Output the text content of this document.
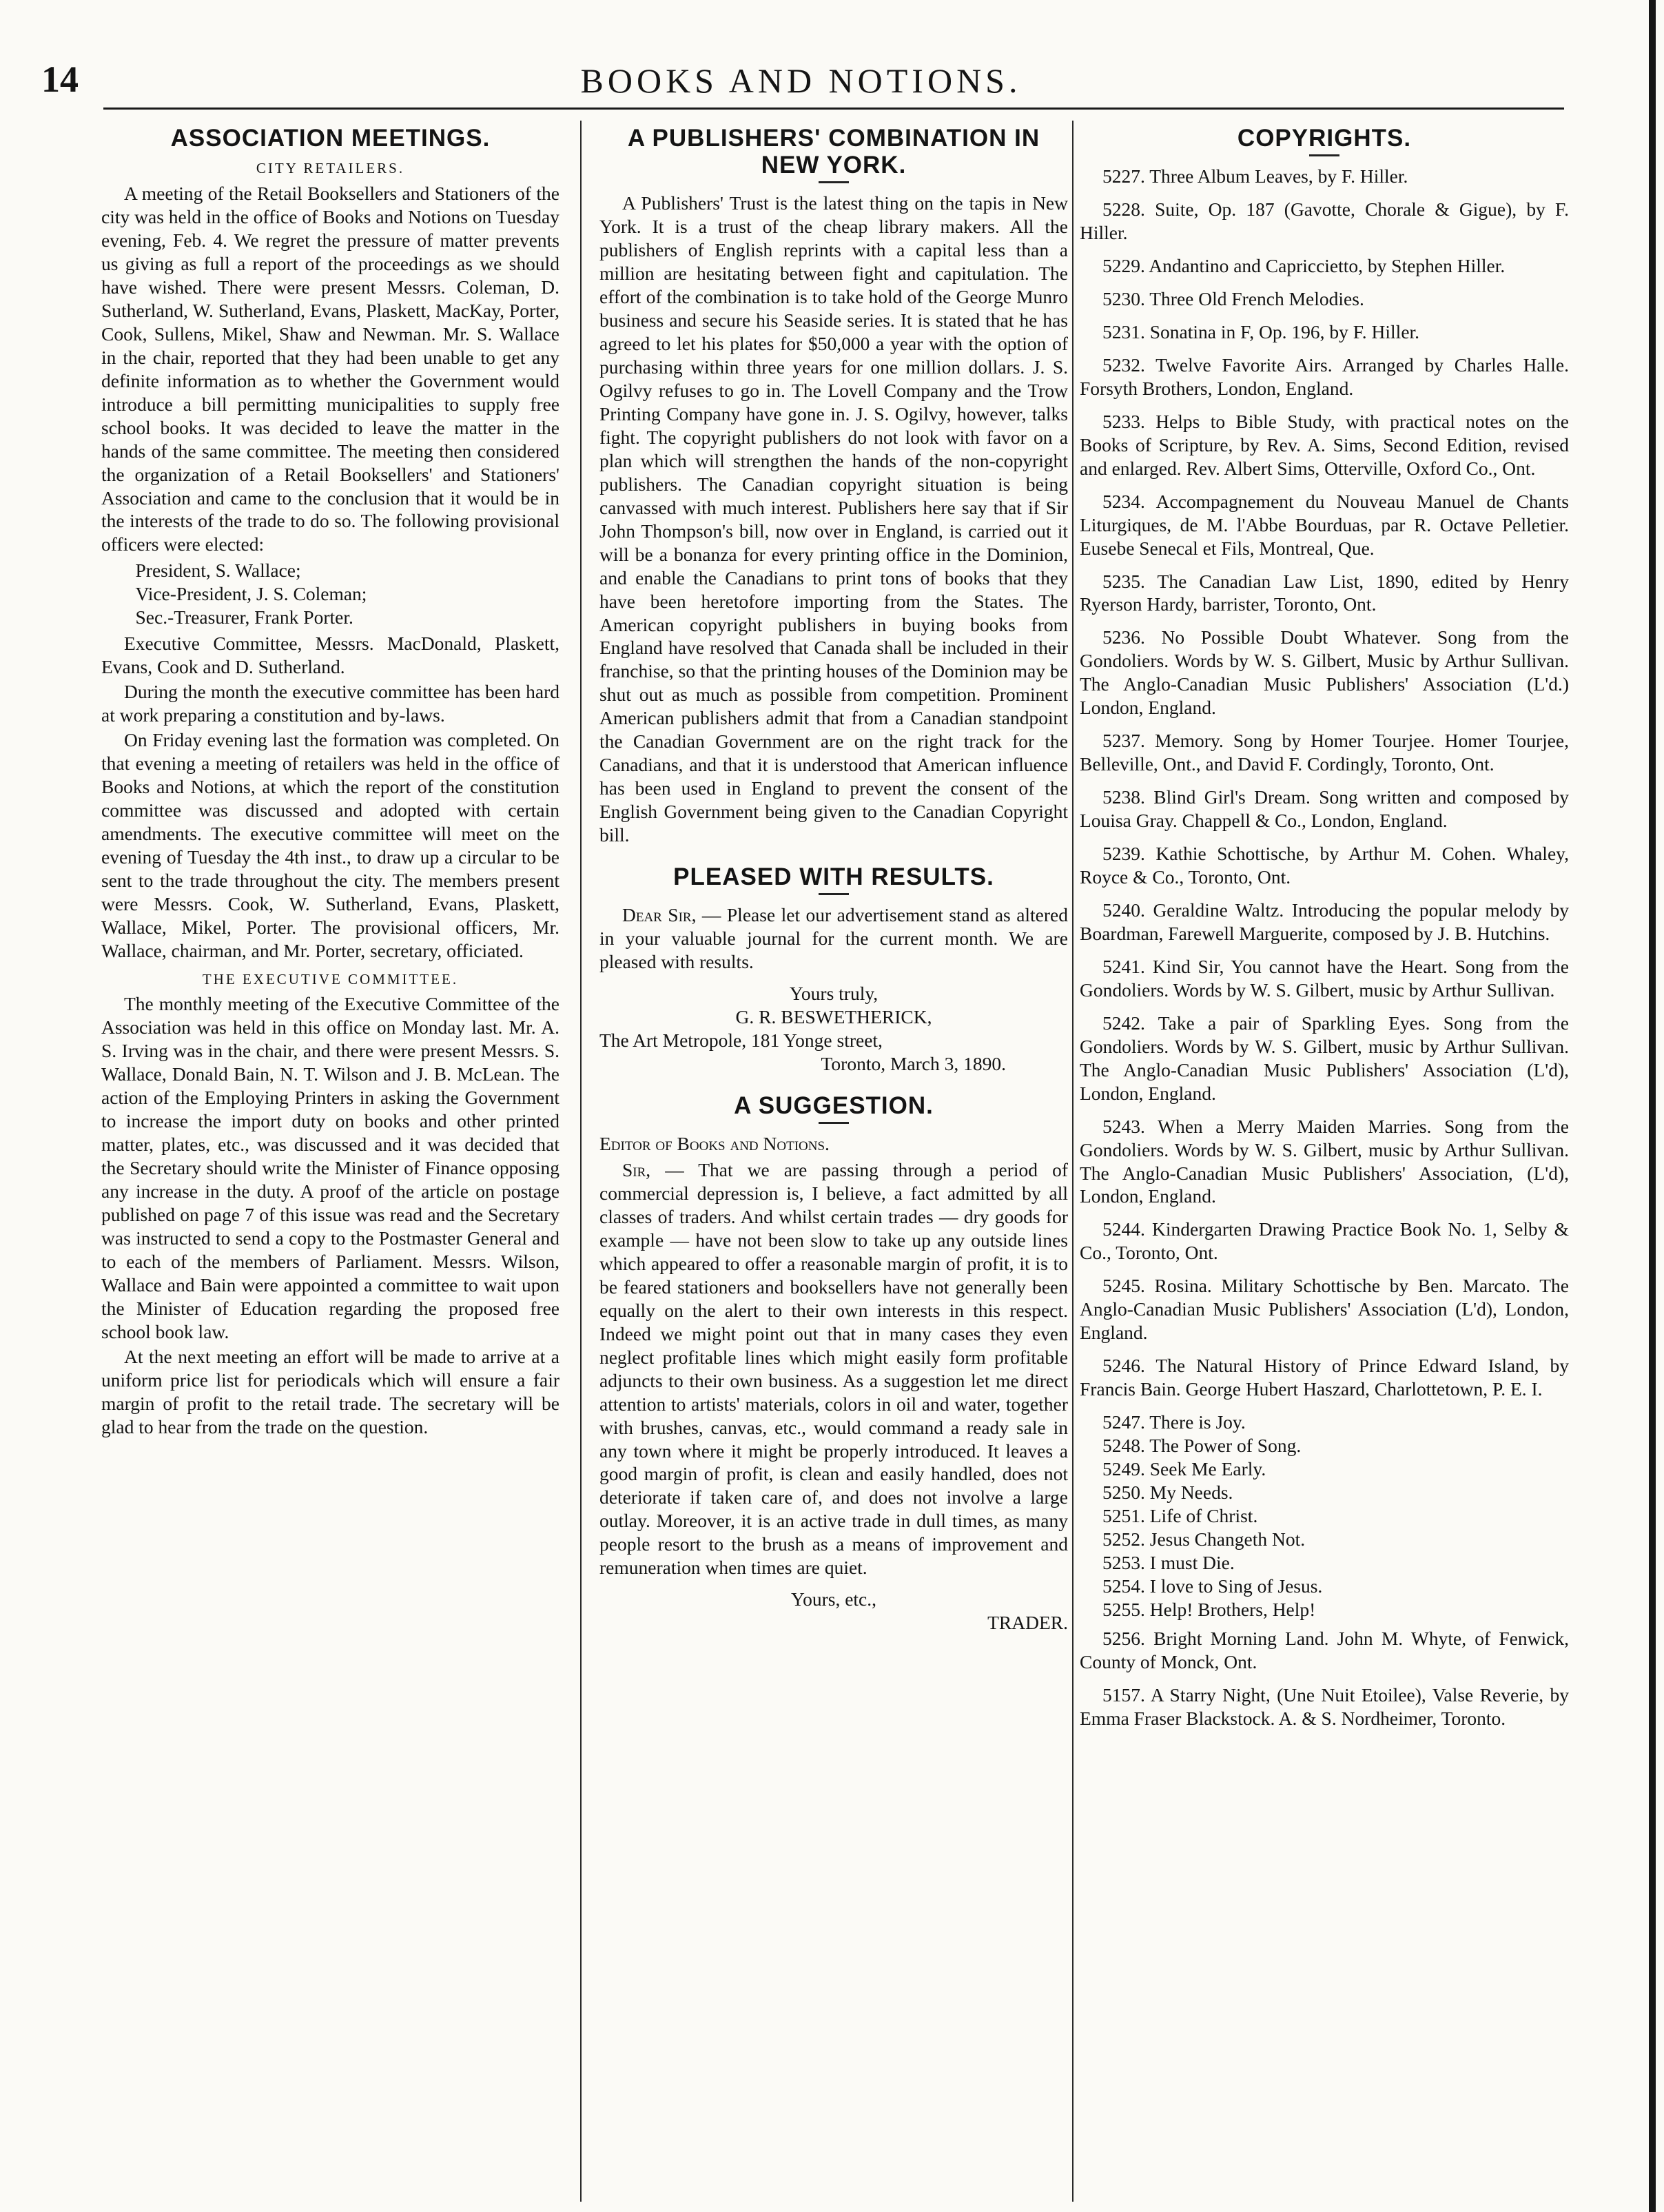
14	BOOKS AND NOTIONS.
ASSOCIATION MEETINGS.
CITY RETAILERS.

A meeting of the Retail Booksellers and Stationers of the city was held in the office of Books and Notions on Tuesday evening, Feb. 4. We regret the pressure of matter prevents us giving as full a report of the proceedings as we should have wished. There were present Messrs. Coleman, D. Sutherland, W. Sutherland, Evans, Plaskett, MacKay, Porter, Cook, Sullens, Mikel, Shaw and Newman. Mr. S. Wallace in the chair, reported that they had been unable to get any definite information as to whether the Government would introduce a bill permitting municipalities to supply free school books. It was decided to leave the matter in the hands of the same committee. The meeting then considered the organization of a Retail Booksellers' and Stationers' Association and came to the conclusion that it would be in the interests of the trade to do so. The following provisional officers were elected:

President, S. Wallace;
Vice-President, J. S. Coleman;
Sec.-Treasurer, Frank Porter.

Executive Committee, Messrs. MacDonald, Plaskett, Evans, Cook and D. Sutherland.

During the month the executive committee has been hard at work preparing a constitution and by-laws.

On Friday evening last the formation was completed. On that evening a meeting of retailers was held in the office of Books and Notions, at which the report of the constitution committee was discussed and adopted with certain amendments. The executive committee will meet on the evening of Tuesday the 4th inst., to draw up a circular to be sent to the trade throughout the city. The members present were Messrs. Cook, W. Sutherland, Evans, Plaskett, Wallace, Mikel, Porter. The provisional officers, Mr. Wallace, chairman, and Mr. Porter, secretary, officiated.

THE EXECUTIVE COMMITTEE.

The monthly meeting of the Executive Committee of the Association was held in this office on Monday last. Mr. A. S. Irving was in the chair, and there were present Messrs. S. Wallace, Donald Bain, N. T. Wilson and J. B. McLean. The action of the Employing Printers in asking the Government to increase the import duty on books and other printed matter, plates, etc., was discussed and it was decided that the Secretary should write the Minister of Finance opposing any increase in the duty. A proof of the article on postage published on page 7 of this issue was read and the Secretary was instructed to send a copy to the Postmaster General and to each of the members of Parliament. Messrs. Wilson, Wallace and Bain were appointed a committee to wait upon the Minister of Education regarding the proposed free school book law.

At the next meeting an effort will be made to arrive at a uniform price list for periodicals which will ensure a fair margin of profit to the retail trade. The secretary will be glad to hear from the trade on the question.

A PUBLISHERS' COMBINATION IN NEW YORK.

A Publishers' Trust is the latest thing on the tapis in New York. It is a trust of the cheap library makers. All the publishers of English reprints with a capital less than a million are hesitating between fight and capitulation. The effort of the combination is to take hold of the George Munro business and secure his Seaside series. It is stated that he has agreed to let his plates for $50,000 a year with the option of purchasing within three years for one million dollars. J. S. Ogilvy refuses to go in. The Lovell Company and the Trow Printing Company have gone in. J. S. Ogilvy, however, talks fight. The copyright publishers do not look with favor on a plan which will strengthen the hands of the non-copyright publishers. The Canadian copyright situation is being canvassed with much interest. Publishers here say that if Sir John Thompson's bill, now over in England, is carried out it will be a bonanza for every printing office in the Dominion, and enable the Canadians to print tons of books that they have been heretofore importing from the States. The American copyright publishers in buying books from England have resolved that Canada shall be included in their franchise, so that the printing houses of the Dominion may be shut out as much as possible from competition. Prominent American publishers admit that from a Canadian standpoint the Canadian Government are on the right track for the Canadians, and that it is understood that American influence has been used in England to prevent the consent of the English Government being given to the Canadian Copyright bill.

PLEASED WITH RESULTS.

Dear Sir, — Please let our advertisement stand as altered in your valuable journal for the current month. We are pleased with results.

Yours truly,
G. R. BESWETHERICK,
The Art Metropole, 181 Yonge street,
Toronto, March 3, 1890.
A SUGGESTION.
Editor of Books and Notions.

Sir, — That we are passing through a period of commercial depression is, I believe, a fact admitted by all classes of traders. And whilst certain trades — dry goods for example — have not been slow to take up any outside lines which appeared to offer a reasonable margin of profit, it is to be feared stationers and booksellers have not generally been equally on the alert to their own interests in this respect. Indeed we might point out that in many cases they even neglect profitable lines which might easily form profitable adjuncts to their own business. As a suggestion let me direct attention to artists' materials, colors in oil and water, together with brushes, canvas, etc., would command a ready sale in any town where it might be properly introduced. It leaves a good margin of profit, is clean and easily handled, does not deteriorate if taken care of, and does not involve a large outlay. Moreover, it is an active trade in dull times, as many people resort to the brush as a means of improvement and remuneration when times are quiet.

Yours, etc.,
TRADER.
COPYRIGHTS.

5227. Three Album Leaves, by F. Hiller.

5228. Suite, Op. 187 (Gavotte, Chorale & Gigue), by F. Hiller.

5229. Andantino and Capriccietto, by Stephen Hiller.

5230. Three Old French Melodies.

5231. Sonatina in F, Op. 196, by F. Hiller.

5232. Twelve Favorite Airs. Arranged by Charles Halle. Forsyth Brothers, London, England.

5233. Helps to Bible Study, with practical notes on the Books of Scripture, by Rev. A. Sims, Second Edition, revised and enlarged. Rev. Albert Sims, Otterville, Oxford Co., Ont.

5234. Accompagnement du Nouveau Manuel de Chants Liturgiques, de M. l'Abbe Bourduas, par R. Octave Pelletier. Eusebe Senecal et Fils, Montreal, Que.

5235. The Canadian Law List, 1890, edited by Henry Ryerson Hardy, barrister, Toronto, Ont.

5236. No Possible Doubt Whatever. Song from the Gondoliers. Words by W. S. Gilbert, Music by Arthur Sullivan. The Anglo-Canadian Music Publishers' Association (L'd.) London, England.

5237. Memory. Song by Homer Tourjee. Homer Tourjee, Belleville, Ont., and David F. Cordingly, Toronto, Ont.

5238. Blind Girl's Dream. Song written and composed by Louisa Gray. Chappell & Co., London, England.

5239. Kathie Schottische, by Arthur M. Cohen. Whaley, Royce & Co., Toronto, Ont.

5240. Geraldine Waltz. Introducing the popular melody by Boardman, Farewell Marguerite, composed by J. B. Hutchins.

5241. Kind Sir, You cannot have the Heart. Song from the Gondoliers. Words by W. S. Gilbert, music by Arthur Sullivan.

5242. Take a pair of Sparkling Eyes. Song from the Gondoliers. Words by W. S. Gilbert, music by Arthur Sullivan. The Anglo-Canadian Music Publishers' Association (L'd), London, England.

5243. When a Merry Maiden Marries. Song from the Gondoliers. Words by W. S. Gilbert, music by Arthur Sullivan. The Anglo-Canadian Music Publishers' Association, (L'd), London, England.

5244. Kindergarten Drawing Practice Book No. 1, Selby & Co., Toronto, Ont.

5245. Rosina. Military Schottische by Ben. Marcato. The Anglo-Canadian Music Publishers' Association (L'd), London, England.

5246. The Natural History of Prince Edward Island, by Francis Bain. George Hubert Haszard, Charlottetown, P. E. I.

5247. There is Joy.
5248. The Power of Song.
5249. Seek Me Early.
5250. My Needs.
5251. Life of Christ.
5252. Jesus Changeth Not.
5253. I must Die.
5254. I love to Sing of Jesus.
5255. Help! Brothers, Help!

5256. Bright Morning Land. John M. Whyte, of Fenwick, County of Monck, Ont.

5157. A Starry Night, (Une Nuit Etoilee), Valse Reverie, by Emma Fraser Blackstock. A. & S. Nordheimer, Toronto.
